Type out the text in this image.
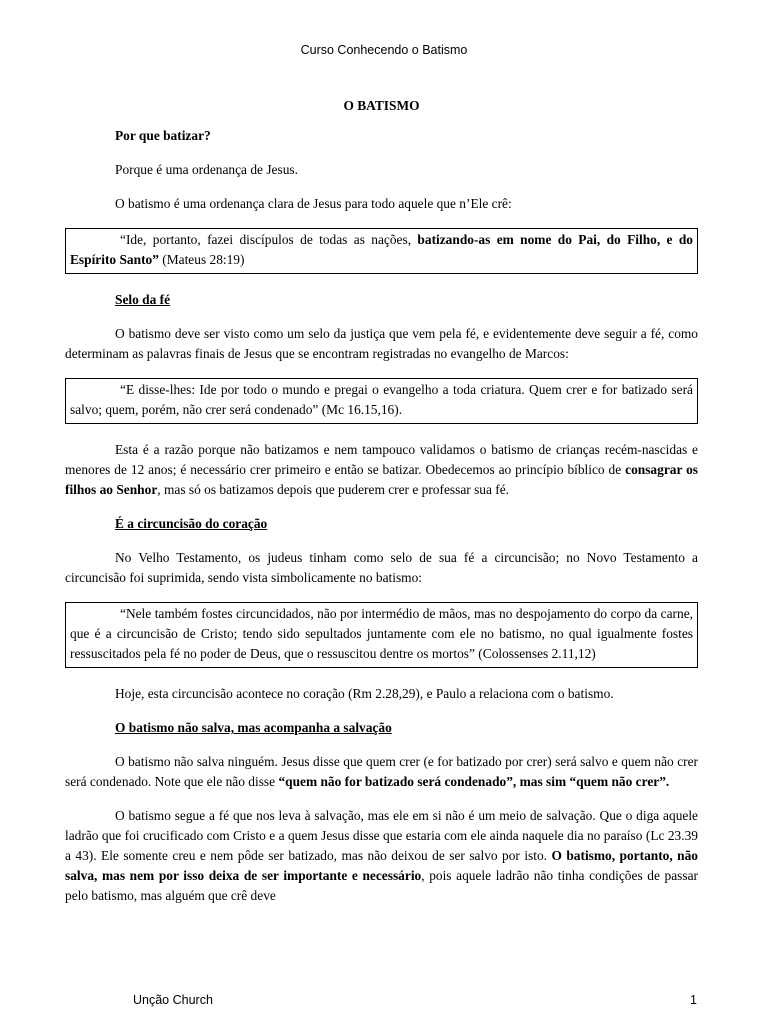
Curso Conhecendo o Batismo
O BATISMO
Por que batizar?
Porque é uma ordenança de Jesus.
O batismo é uma ordenança clara de Jesus para todo aquele que n’Ele crê:
“Ide, portanto, fazei discípulos de todas as nações, batizando-as em nome do Pai, do Filho, e do Espírito Santo” (Mateus 28:19)
Selo da fé
O batismo deve ser visto como um selo da justiça que vem pela fé, e evidentemente deve seguir a fé, como determinam as palavras finais de Jesus que se encontram registradas no evangelho de Marcos:
“E disse-lhes: Ide por todo o mundo e pregai o evangelho a toda criatura. Quem crer e for batizado será salvo; quem, porém, não crer será condenado” (Mc 16.15,16).
Esta é a razão porque não batizamos e nem tampouco validamos o batismo de crianças recém-nascidas e menores de 12 anos; é necessário crer primeiro e então se batizar. Obedecemos ao princípio bíblico de consagrar os filhos ao Senhor, mas só os batizamos depois que puderem crer e professar sua fé.
É a circuncisão do coração
No Velho Testamento, os judeus tinham como selo de sua fé a circuncisão; no Novo Testamento a circuncisão foi suprimida, sendo vista simbolicamente no batismo:
“Nele também fostes circuncidados, não por intermédio de mãos, mas no despojamento do corpo da carne, que é a circuncisão de Cristo; tendo sido sepultados juntamente com ele no batismo, no qual igualmente fostes ressuscitados pela fé no poder de Deus, que o ressuscitou dentre os mortos” (Colossenses 2.11,12)
Hoje, esta circuncisão acontece no coração (Rm 2.28,29), e Paulo a relaciona com o batismo.
O batismo não salva, mas acompanha a salvação
O batismo não salva ninguém. Jesus disse que quem crer (e for batizado por crer) será salvo e quem não crer será condenado. Note que ele não disse “quem não for batizado será condenado”, mas sim “quem não crer”.
O batismo segue a fé que nos leva à salvação, mas ele em si não é um meio de salvação. Que o diga aquele ladrão que foi crucificado com Cristo e a quem Jesus disse que estaria com ele ainda naquele dia no paraíso (Lc 23.39 a 43). Ele somente creu e nem pôde ser batizado, mas não deixou de ser salvo por isto. O batismo, portanto, não salva, mas nem por isso deixa de ser importante e necessário, pois aquele ladrão não tinha condições de passar pelo batismo, mas alguém que crê deve
Unção Church	1
